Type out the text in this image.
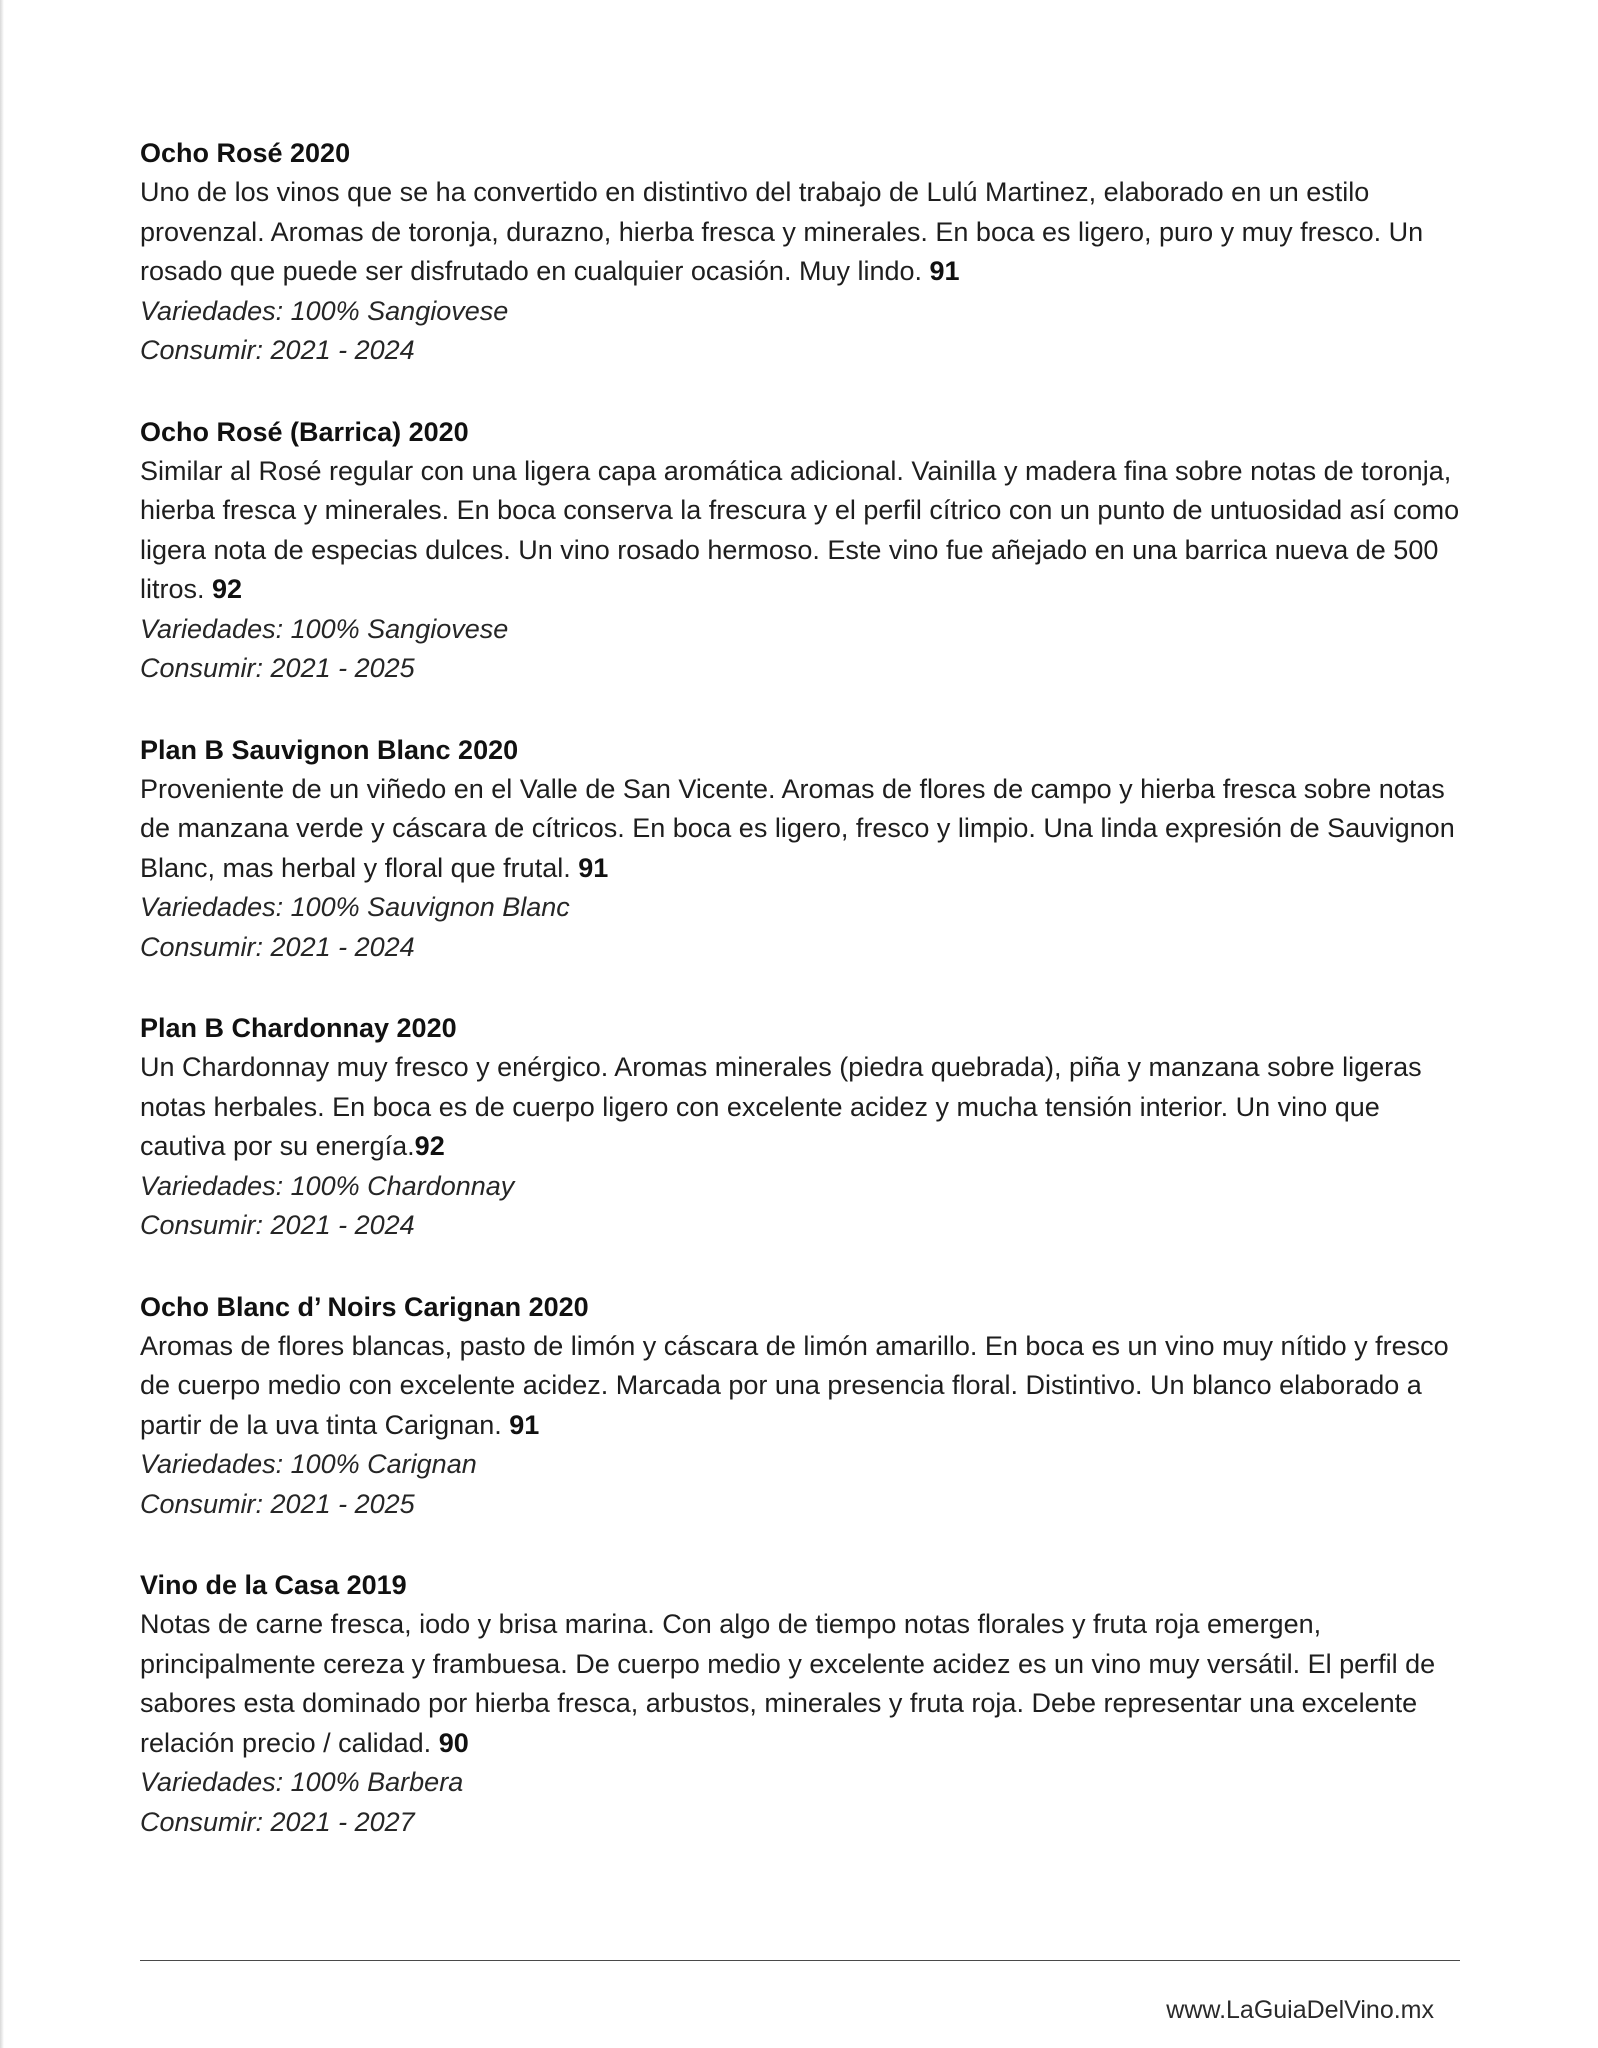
Ocho Rosé 2020

Uno de los vinos que se ha convertido en distintivo del trabajo de Lulú Martinez, elaborado en un estilo provenzal. Aromas de toronja, durazno, hierba fresca y minerales. En boca es ligero, puro y muy fresco. Un rosado que puede ser disfrutado en cualquier ocasión. Muy lindo. 91

Variedades: 100% Sangiovese

Consumir: 2021 - 2024

Ocho Rosé (Barrica) 2020

Similar al Rosé regular con una ligera capa aromática adicional. Vainilla y madera fina sobre notas de toronja, hierba fresca y minerales. En boca conserva la frescura y el perfil cítrico con un punto de untuosidad así como ligera nota de especias dulces. Un vino rosado hermoso. Este vino fue añejado en una barrica nueva de 500 litros. 92

Variedades: 100% Sangiovese

Consumir: 2021 - 2025

Plan B Sauvignon Blanc 2020

Proveniente de un viñedo en el Valle de San Vicente. Aromas de flores de campo y hierba fresca sobre notas de manzana verde y cáscara de cítricos. En boca es ligero, fresco y limpio. Una linda expresión de Sauvignon Blanc, mas herbal y floral que frutal. 91

Variedades: 100% Sauvignon Blanc

Consumir: 2021 - 2024

Plan B Chardonnay 2020

Un Chardonnay muy fresco y enérgico. Aromas minerales (piedra quebrada), piña y manzana sobre ligeras notas herbales. En boca es de cuerpo ligero con excelente acidez y mucha tensión interior. Un vino que cautiva por su energía.92

Variedades: 100% Chardonnay

Consumir: 2021 - 2024

Ocho Blanc d’ Noirs Carignan 2020

Aromas de flores blancas, pasto de limón y cáscara de limón amarillo. En boca es un vino muy nítido y fresco de cuerpo medio con excelente acidez. Marcada por una presencia floral. Distintivo. Un blanco elaborado a partir de la uva tinta Carignan. 91

Variedades: 100% Carignan

Consumir: 2021 - 2025

Vino de la Casa 2019

Notas de carne fresca, iodo y brisa marina. Con algo de tiempo notas florales y fruta roja emergen, principalmente cereza y frambuesa. De cuerpo medio y excelente acidez es un vino muy versátil. El perfil de sabores esta dominado por hierba fresca, arbustos, minerales y fruta roja. Debe representar una excelente relación precio / calidad. 90

Variedades: 100% Barbera

Consumir: 2021 - 2027

www.LaGuiaDelVino.mx
